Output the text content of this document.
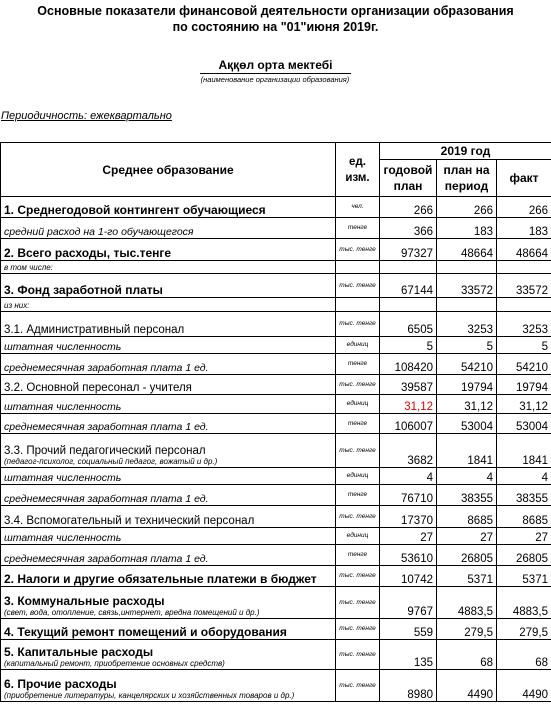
Основные показатели финансовой деятельности организации образования
по состоянию на "01"июня 2019г.
Аққөл орта мектебі
(наименование организации образования)
Периодичность: ежеквартально
Среднее образование	ед. изм.	2019 год		
		годовой план	план на период	факт
1. Среднегодовой контингент обучающиеся	чел.	266	266	266
средний расход на 1-го обучающегося	тенге	366	183	183
2. Всего расходы, тыс.тенге	тыс. тенге	97327	48664	48664
в том числе:				
3. Фонд заработной платы	тыс. тенге	67144	33572	33572
из них:				
3.1. Административный персонал	тыс. тенге	6505	3253	3253
штатная численность	единиц	5	5	5
среднемесячная заработная плата 1 ед.	тенге	108420	54210	54210
3.2. Основной пересонал - учителя	тыс. тенге	39587	19794	19794
штатная численность	единиц	31,12	31,12	31,12
среднемесячная заработная плата 1 ед.	тенге	106007	53004	53004
3.3. Прочий педагогический персонал
(педагог-психолог, социальный педагог, вожатый и др.)	тыс. тенге	3682	1841	1841
штатная численность	единиц	4	4	4
среднемесячная заработная плата 1 ед.	тенге	76710	38355	38355
3.4. Вспомогательный и технический персонал	тыс. тенге	17370	8685	8685
штатная численность	единиц	27	27	27
среднемесячная заработная плата 1 ед.	тенге	53610	26805	26805
2. Налоги и другие обязательные платежи в бюджет	тыс. тенге	10742	5371	5371
3. Коммунальные расходы
(свет, вода, отопление, связь,интернет, вредна помещений и др.)	тыс. тенге	9767	4883,5	4883,5
4. Текущий ремонт помещений и оборудования	тыс. тенге	559	279,5	279,5
5. Капитальные расходы
(капитальный ремонт, приобретение основных средств)	тыс. тенге	135	68	68
6. Прочие расходы
(приобретение литературы, канцелярских и хозяйственных товаров и др.)	тыс. тенге	8980	4490	4490
